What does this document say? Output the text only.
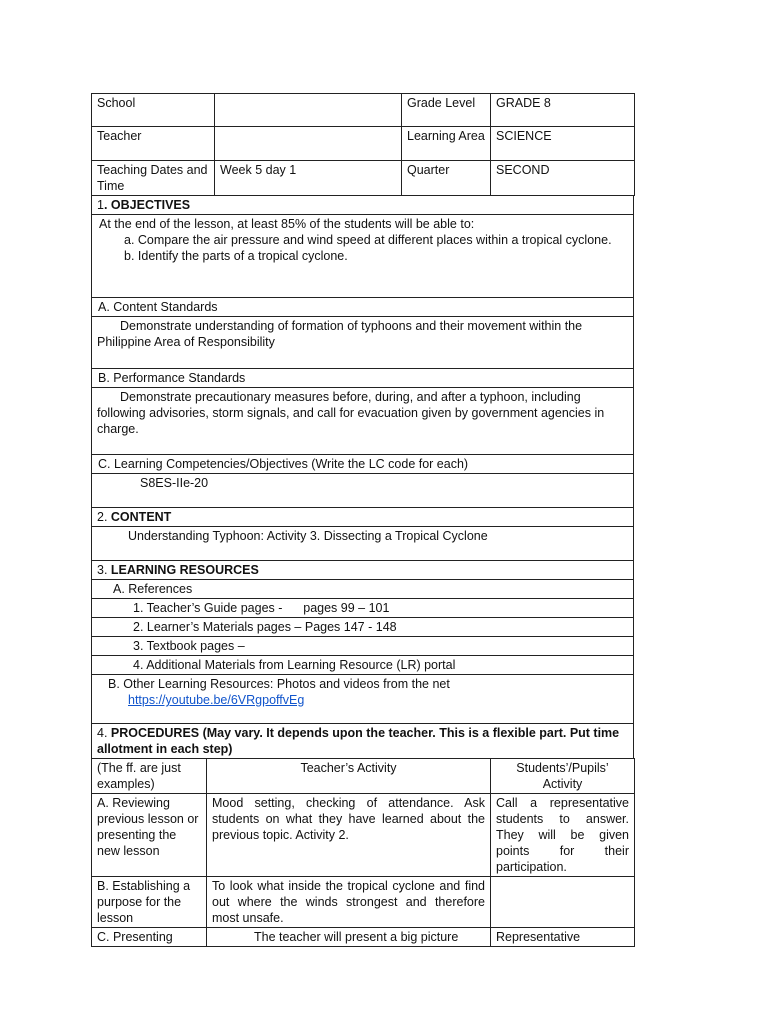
School		Grade Level	GRADE 8
Teacher		Learning Area	SCIENCE
Teaching Dates and Time	Week 5 day 1	Quarter	SECOND
1. OBJECTIVES

At the end of the lesson, at least 85% of the students will be able to:
a. Compare the air pressure and wind speed at different places within a tropical cyclone.
b. Identify the parts of a tropical cyclone.

A. Content Standards

Demonstrate understanding of formation of typhoons and their movement within the Philippine Area of Responsibility

B. Performance Standards

Demonstrate precautionary measures before, during, and after a typhoon, including following advisories, storm signals, and call for evacuation given by government agencies in charge.

C. Learning Competencies/Objectives (Write the LC code for each)

S8ES-IIe-20

2. CONTENT

Understanding Typhoon: Activity 3. Dissecting a Tropical Cyclone

3. LEARNING RESOURCES

A. References

1. Teacher’s Guide pages -      pages 99 – 101

2. Learner’s Materials pages – Pages 147 - 148

3. Textbook pages –

4. Additional Materials from Learning Resource (LR) portal

B. Other Learning Resources: Photos and videos from the net
https://youtube.be/6VRgpoffvEg

4. PROCEDURES (May vary. It depends upon the teacher. This is a flexible part. Put time allotment in each step)
(The ff. are just examples)	Teacher’s Activity	Students’/Pupils’ Activity
A. Reviewing previous lesson or presenting the new lesson	Mood setting, checking of attendance. Ask students on what they have learned about the previous topic. Activity 2.	Call a representative students to answer. They will be given points for their participation.
B. Establishing a purpose for the lesson	To look what inside the tropical cyclone and find out where the winds strongest and therefore most unsafe.	
C. Presenting	The teacher will present a big picture	Representative
